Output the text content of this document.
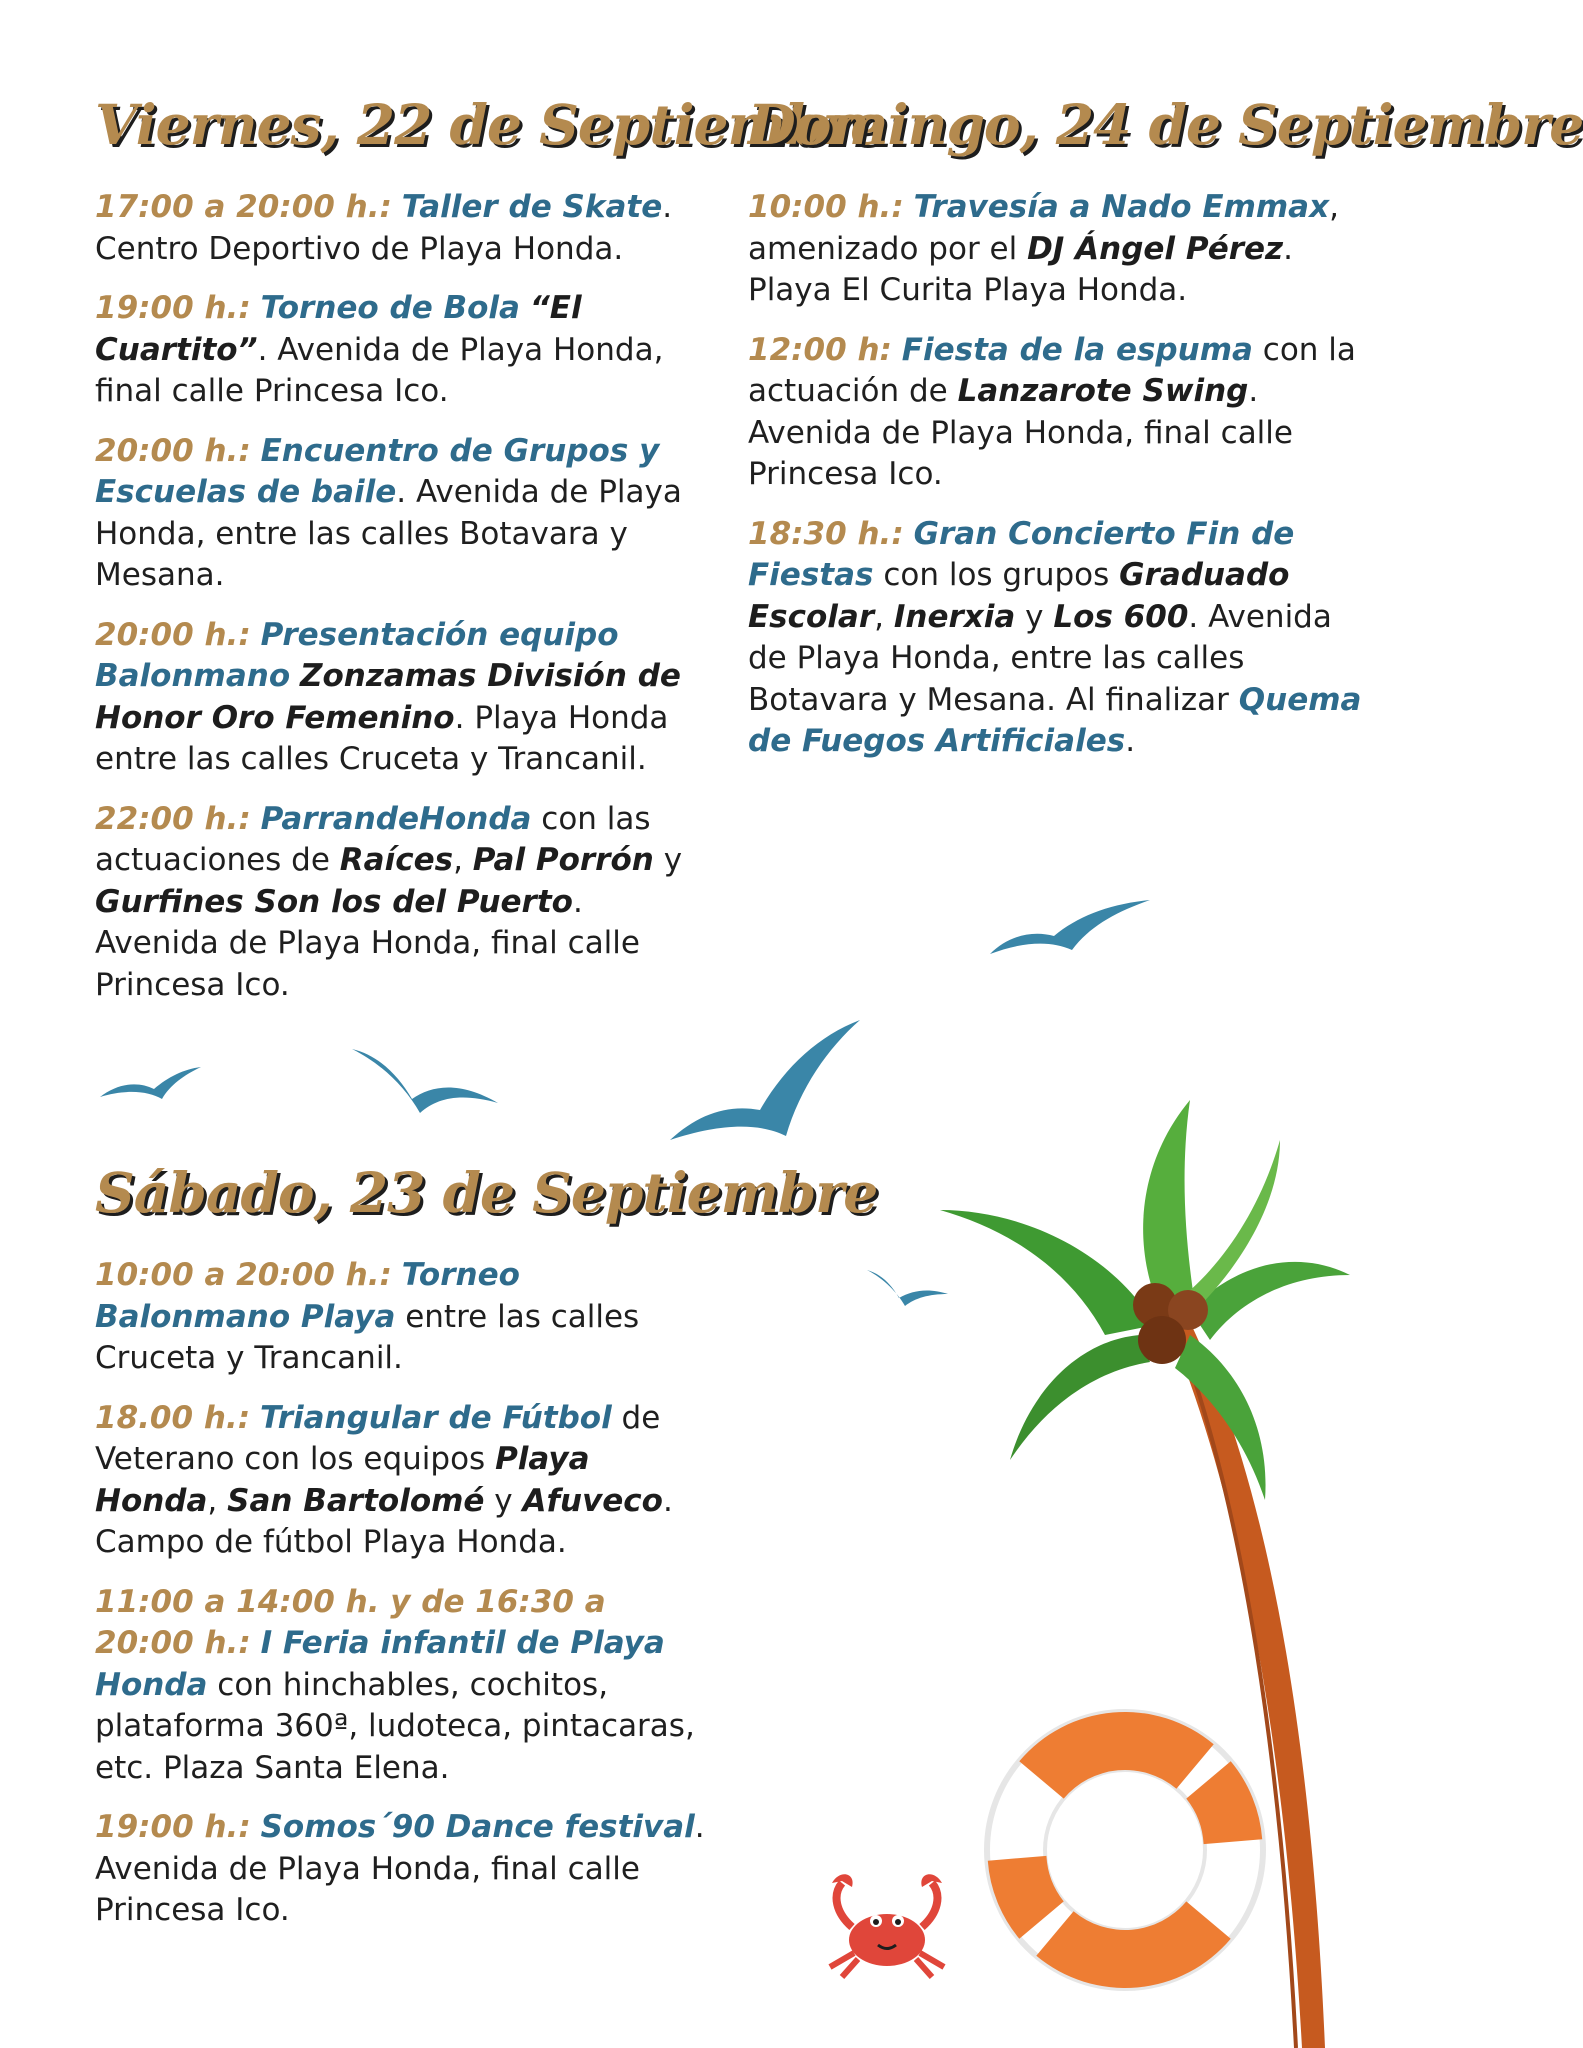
Viernes, 22 de Septiembre
17:00 a 20:00 h.: Taller de Skate. Centro Deportivo de Playa Honda.
19:00 h.: Torneo de Bola “El Cuartito”. Avenida de Playa Honda, final calle Princesa Ico.
20:00 h.: Encuentro de Grupos y Escuelas de baile. Avenida de Playa Honda, entre las calles Botavara y Mesana.
20:00 h.: Presentación equipo Balonmano Zonzamas División de Honor Oro Femenino. Playa Honda entre las calles Cruceta y Trancanil.
22:00 h.: ParrandeHonda con las actuaciones de Raíces, Pal Porrón y Gurfines Son los del Puerto. Avenida de Playa Honda, final calle Princesa Ico.
Sábado, 23 de Septiembre
10:00 a 20:00 h.: Torneo Balonmano Playa entre las calles Cruceta y Trancanil.
18.00 h.: Triangular de Fútbol de Veterano con los equipos Playa Honda, San Bartolomé y Afuveco. Campo de fútbol Playa Honda.
11:00 a 14:00 h. y de 16:30 a 20:00 h.: I Feria infantil de Playa Honda con hinchables, cochitos, plataforma 360ª, ludoteca, pintacaras, etc. Plaza Santa Elena.
19:00 h.: Somos´90 Dance festival. Avenida de Playa Honda, final calle Princesa Ico.
Domingo, 24 de Septiembre
10:00 h.: Travesía a Nado Emmax, amenizado por el DJ Ángel Pérez. Playa El Curita Playa Honda.
12:00 h: Fiesta de la espuma con la actuación de Lanzarote Swing. Avenida de Playa Honda, final calle Princesa Ico.
18:30 h.: Gran Concierto Fin de Fiestas con los grupos Graduado Escolar, Inerxia y Los 600. Avenida de Playa Honda, entre las calles Botavara y Mesana. Al finalizar Quema de Fuegos Artificiales.
